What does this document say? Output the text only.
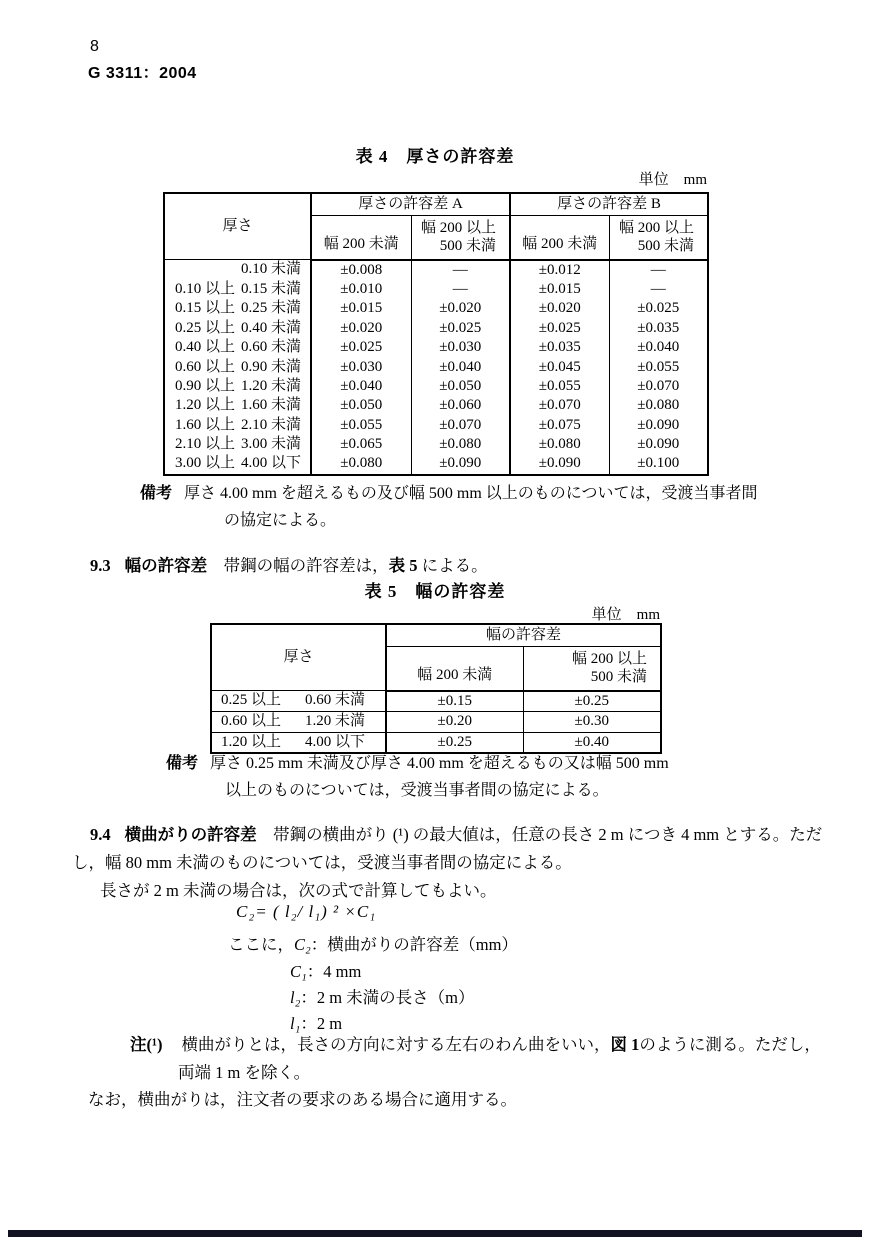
8
G 3311：2004
表 4　厚さの許容差
単位　mm
厚さ	厚さの許容差 A		厚さの許容差 B	
	幅 200 未満	幅 200 以上
500 未満	幅 200 未満	幅 200 以上
500 未満
0.10 未満	±0.008	—	±0.012	—
0.10 以上 0.15 未満	±0.010	—	±0.015	—
0.15 以上 0.25 未満	±0.015	±0.020	±0.020	±0.025
0.25 以上 0.40 未満	±0.020	±0.025	±0.025	±0.035
0.40 以上 0.60 未満	±0.025	±0.030	±0.035	±0.040
0.60 以上 0.90 未満	±0.030	±0.040	±0.045	±0.055
0.90 以上 1.20 未満	±0.040	±0.050	±0.055	±0.070
1.20 以上 1.60 未満	±0.050	±0.060	±0.070	±0.080
1.60 以上 2.10 未満	±0.055	±0.070	±0.075	±0.090
2.10 以上 3.00 未満	±0.065	±0.080	±0.080	±0.090
3.00 以上 4.00 以下	±0.080	±0.090	±0.090	±0.100
備考 厚さ 4.00 mm を超えるもの及び幅 500 mm 以上のものについては，受渡当事者間
の協定による。
9.3 幅の許容差　帯鋼の幅の許容差は，表 5 による。
表 5　幅の許容差
単位　mm
厚さ	幅の許容差	
	幅 200 未満	幅 200 以上
500 未満
0.25 以上 0.60 未満	±0.15	±0.25
0.60 以上 1.20 未満	±0.20	±0.30
1.20 以上 4.00 以下	±0.25	±0.40
備考 厚さ 0.25 mm 未満及び厚さ 4.00 mm を超えるもの又は幅 500 mm
以上のものについては，受渡当事者間の協定による。
9.4 横曲がりの許容差　帯鋼の横曲がり (¹) の最大値は，任意の長さ 2 m につき 4 mm とする。ただ
し，幅 80 mm 未満のものについては，受渡当事者間の協定による。
長さが 2 m 未満の場合は，次の式で計算してもよい。
C₂= ( l₂/ l₁) ² ×C₁
ここに，C₂：横曲がりの許容差（mm）
C₁：4 mm
l₂：2 m 未満の長さ（m）
l₁：2 m
注(¹) 横曲がりとは，長さの方向に対する左右のわん曲をいい，図 1のように測る。ただし，
両端 1 m を除く。
なお，横曲がりは，注文者の要求のある場合に適用する。
